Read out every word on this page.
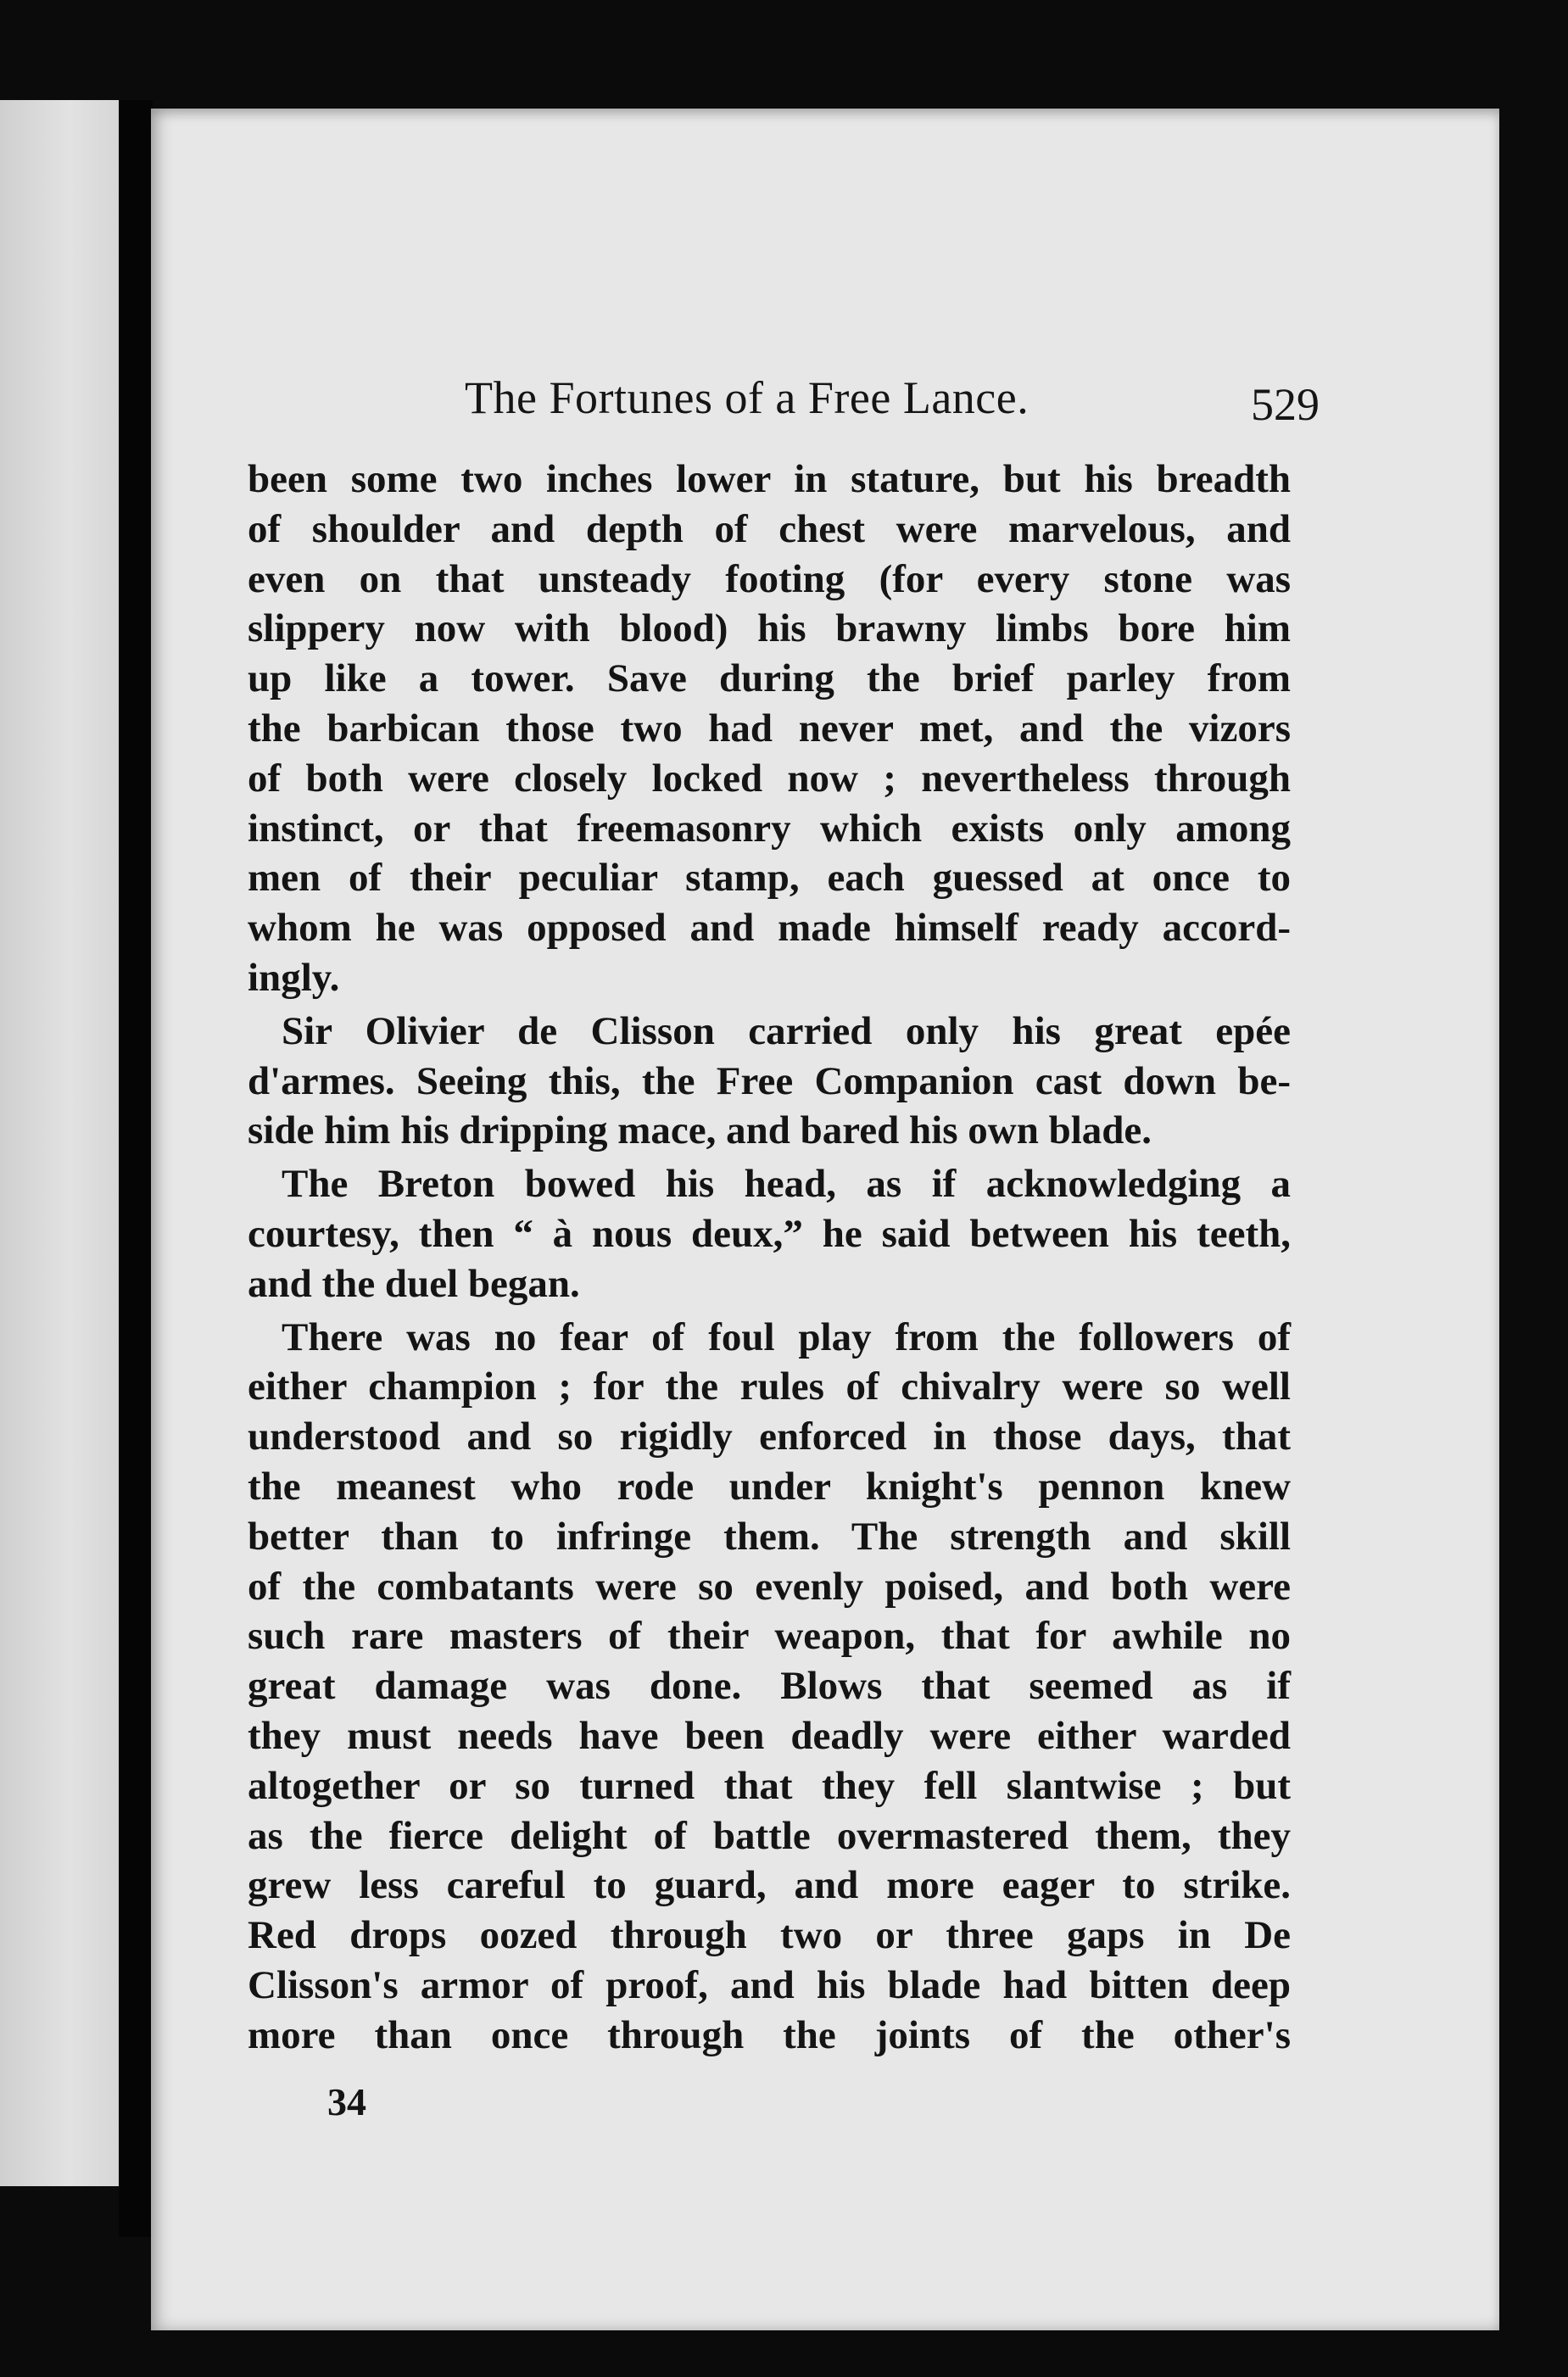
The Fortunes of a Free Lance.	529
been some two inches lower in stature, but his breadth
of shoulder and depth of chest were marvelous, and
even on that unsteady footing (for every stone was
slippery now with blood) his brawny limbs bore him
up like a tower. Save during the brief parley from
the barbican those two had never met, and the vizors
of both were closely locked now ; nevertheless through
instinct, or that freemasonry which exists only among
men of their peculiar stamp, each guessed at once to
whom he was opposed and made himself ready accord-
ingly.
Sir Olivier de Clisson carried only his great epée
d'armes. Seeing this, the Free Companion cast down be-
side him his dripping mace, and bared his own blade.
The Breton bowed his head, as if acknowledging a
courtesy, then “ à nous deux,” he said between his teeth,
and the duel began.
There was no fear of foul play from the followers of
either champion ; for the rules of chivalry were so well
understood and so rigidly enforced in those days, that
the meanest who rode under knight's pennon knew
better than to infringe them. The strength and skill
of the combatants were so evenly poised, and both were
such rare masters of their weapon, that for awhile no
great damage was done. Blows that seemed as if
they must needs have been deadly were either warded
altogether or so turned that they fell slantwise ; but
as the fierce delight of battle overmastered them, they
grew less careful to guard, and more eager to strike.
Red drops oozed through two or three gaps in De
Clisson's armor of proof, and his blade had bitten deep
more than once through the joints of the other's
34
